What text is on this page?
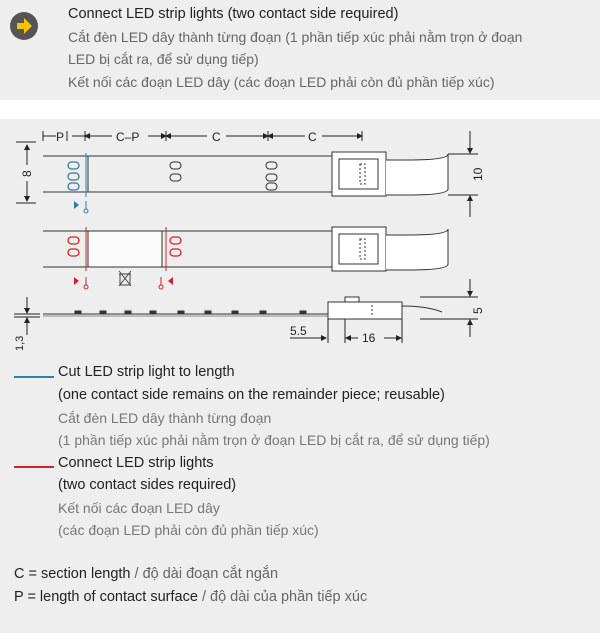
Connect LED strip lights (two contact side required)
Cắt đèn LED dây thành từng đoạn (1 phần tiếp xúc phải nằm trọn ở đoạn
LED bị cắt ra, để sử dụng tiếp)
Kết nối các đoạn LED dây (các đoạn LED phải còn đủ phần tiếp xúc)
P	C–P	C	C
8	10
5
1,3
5.5	16
Cut LED strip light to length
(one contact side remains on the remainder piece; reusable)
Cắt đèn LED dây thành từng đoạn
(1 phần tiếp xúc phải nằm trọn ở đoạn LED bị cắt ra, để sử dụng tiếp)
Connect LED strip lights
(two contact sides required)
Kết nối các đoạn LED dây
(các đoạn LED phải còn đủ phần tiếp xúc)
C = section length / độ dài đoạn cắt ngắn
P = length of contact surface / độ dài của phần tiếp xúc
